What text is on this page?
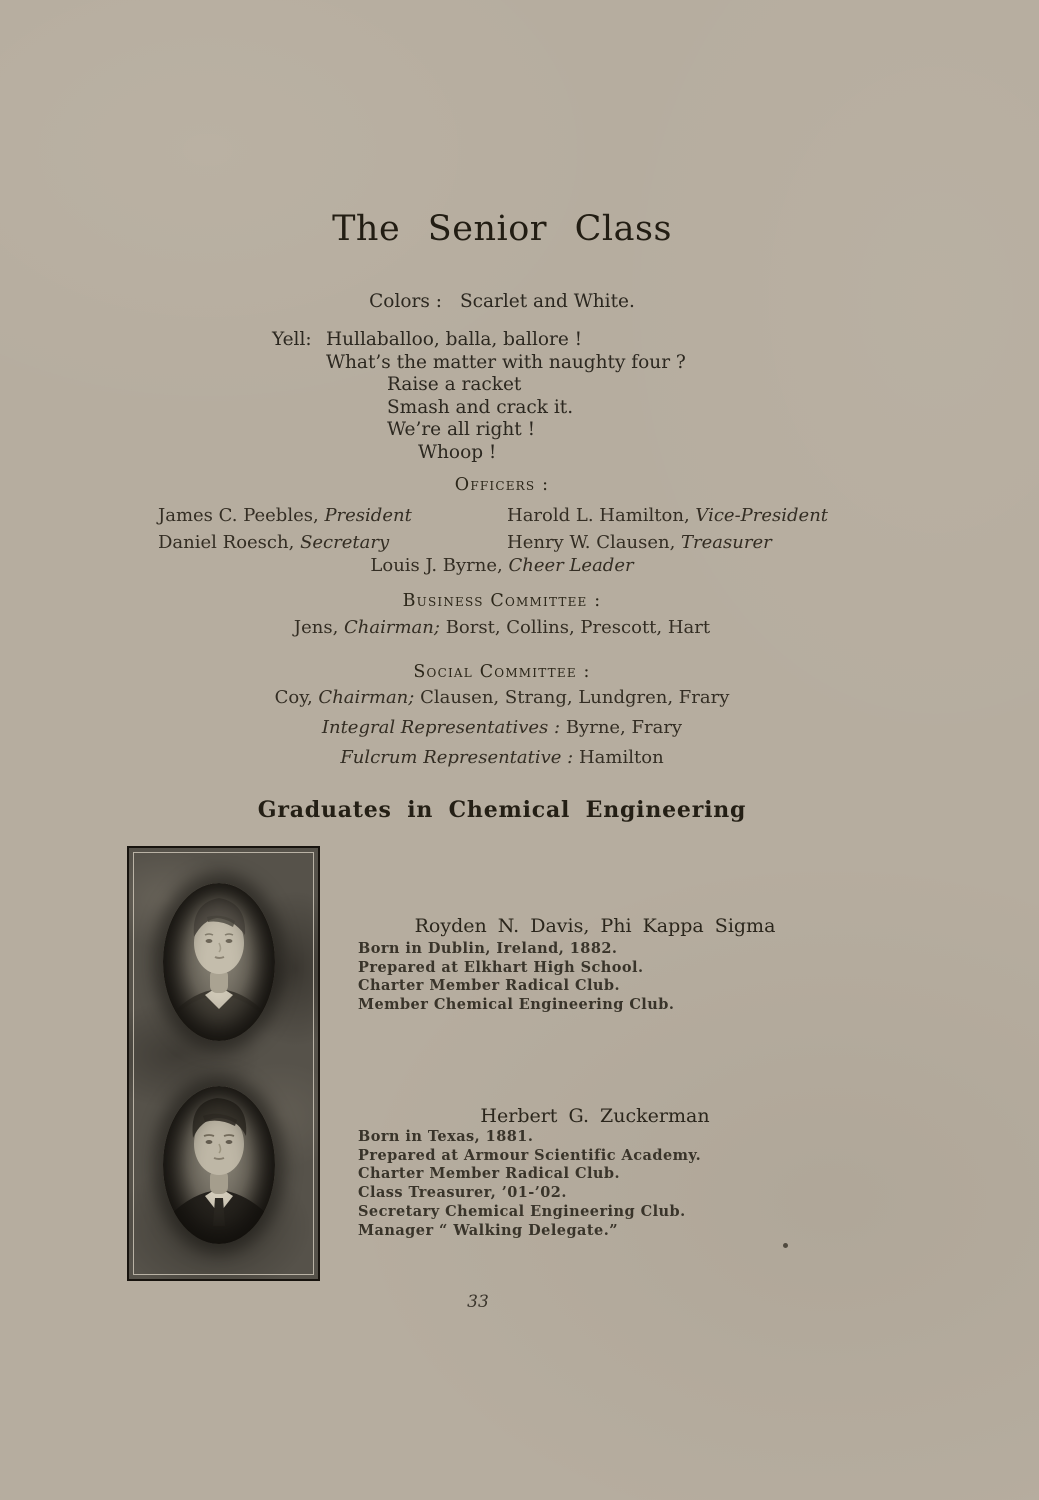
The Senior Class
Colors : Scarlet and White.
Yell: Hullaballoo, balla, ballore !
What’s the matter with naughty four ?
Raise a racket
Smash and crack it.
We’re all right !
Whoop !
Officers :
James C. Peebles, President
Daniel Roesch, Secretary
Harold L. Hamilton, Vice-President
Henry W. Clausen, Treasurer
Louis J. Byrne, Cheer Leader
Business Committee :
Jens, Chairman; Borst, Collins, Prescott, Hart
Social Committee :
Coy, Chairman; Clausen, Strang, Lundgren, Frary
Integral Representatives : Byrne, Frary
Fulcrum Representative : Hamilton
Graduates in Chemical Engineering
Royden N. Davis, Phi Kappa Sigma
Born in Dublin, Ireland, 1882.
Prepared at Elkhart High School.
Charter Member Radical Club.
Member Chemical Engineering Club.
Herbert G. Zuckerman
Born in Texas, 1881.
Prepared at Armour Scientific Academy.
Charter Member Radical Club.
Class Treasurer, ’01-’02.
Secretary Chemical Engineering Club.
Manager “ Walking Delegate.”
33
